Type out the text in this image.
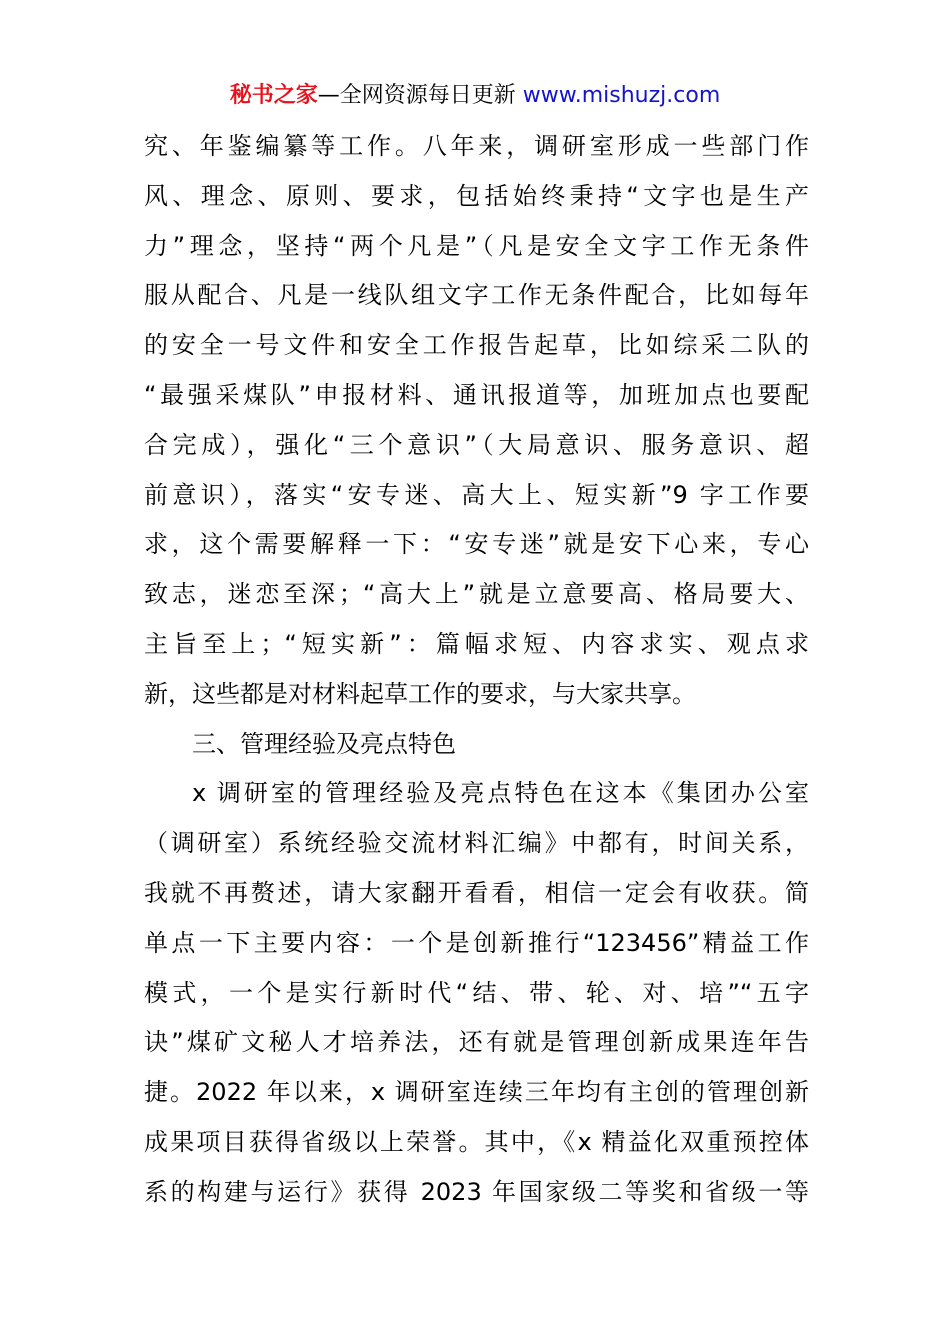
秘书之家—全网资源每日更新 www.mishuzj.com
究、年鉴编纂等工作。八年来，调研室形成一些部门作
风、理念、原则、要求，包括始终秉持“文字也是生产
力”理念，坚持“两个凡是”（凡是安全文字工作无条件
服从配合、凡是一线队组文字工作无条件配合，比如每年
的安全一号文件和安全工作报告起草，比如综采二队的
“最强采煤队”申报材料、通讯报道等，加班加点也要配
合完成），强化“三个意识”（大局意识、服务意识、超
前意识），落实“安专迷、高大上、短实新”9 字工作要
求，这个需要解释一下：“安专迷”就是安下心来，专心
致志，迷恋至深；“高大上”就是立意要高、格局要大、
主旨至上；“短实新”：篇幅求短、内容求实、观点求
新，这些都是对材料起草工作的要求，与大家共享。
三、管理经验及亮点特色
x 调研室的管理经验及亮点特色在这本《集团办公室
（调研室）系统经验交流材料汇编》中都有，时间关系，
我就不再赘述，请大家翻开看看，相信一定会有收获。简
单点一下主要内容：一个是创新推行“123456”精益工作
模式，一个是实行新时代“结、带、轮、对、培”“五字
诀”煤矿文秘人才培养法，还有就是管理创新成果连年告
捷。2022 年以来，x 调研室连续三年均有主创的管理创新
成果项目获得省级以上荣誉。其中，《x 精益化双重预控体
系的构建与运行》获得 2023 年国家级二等奖和省级一等
